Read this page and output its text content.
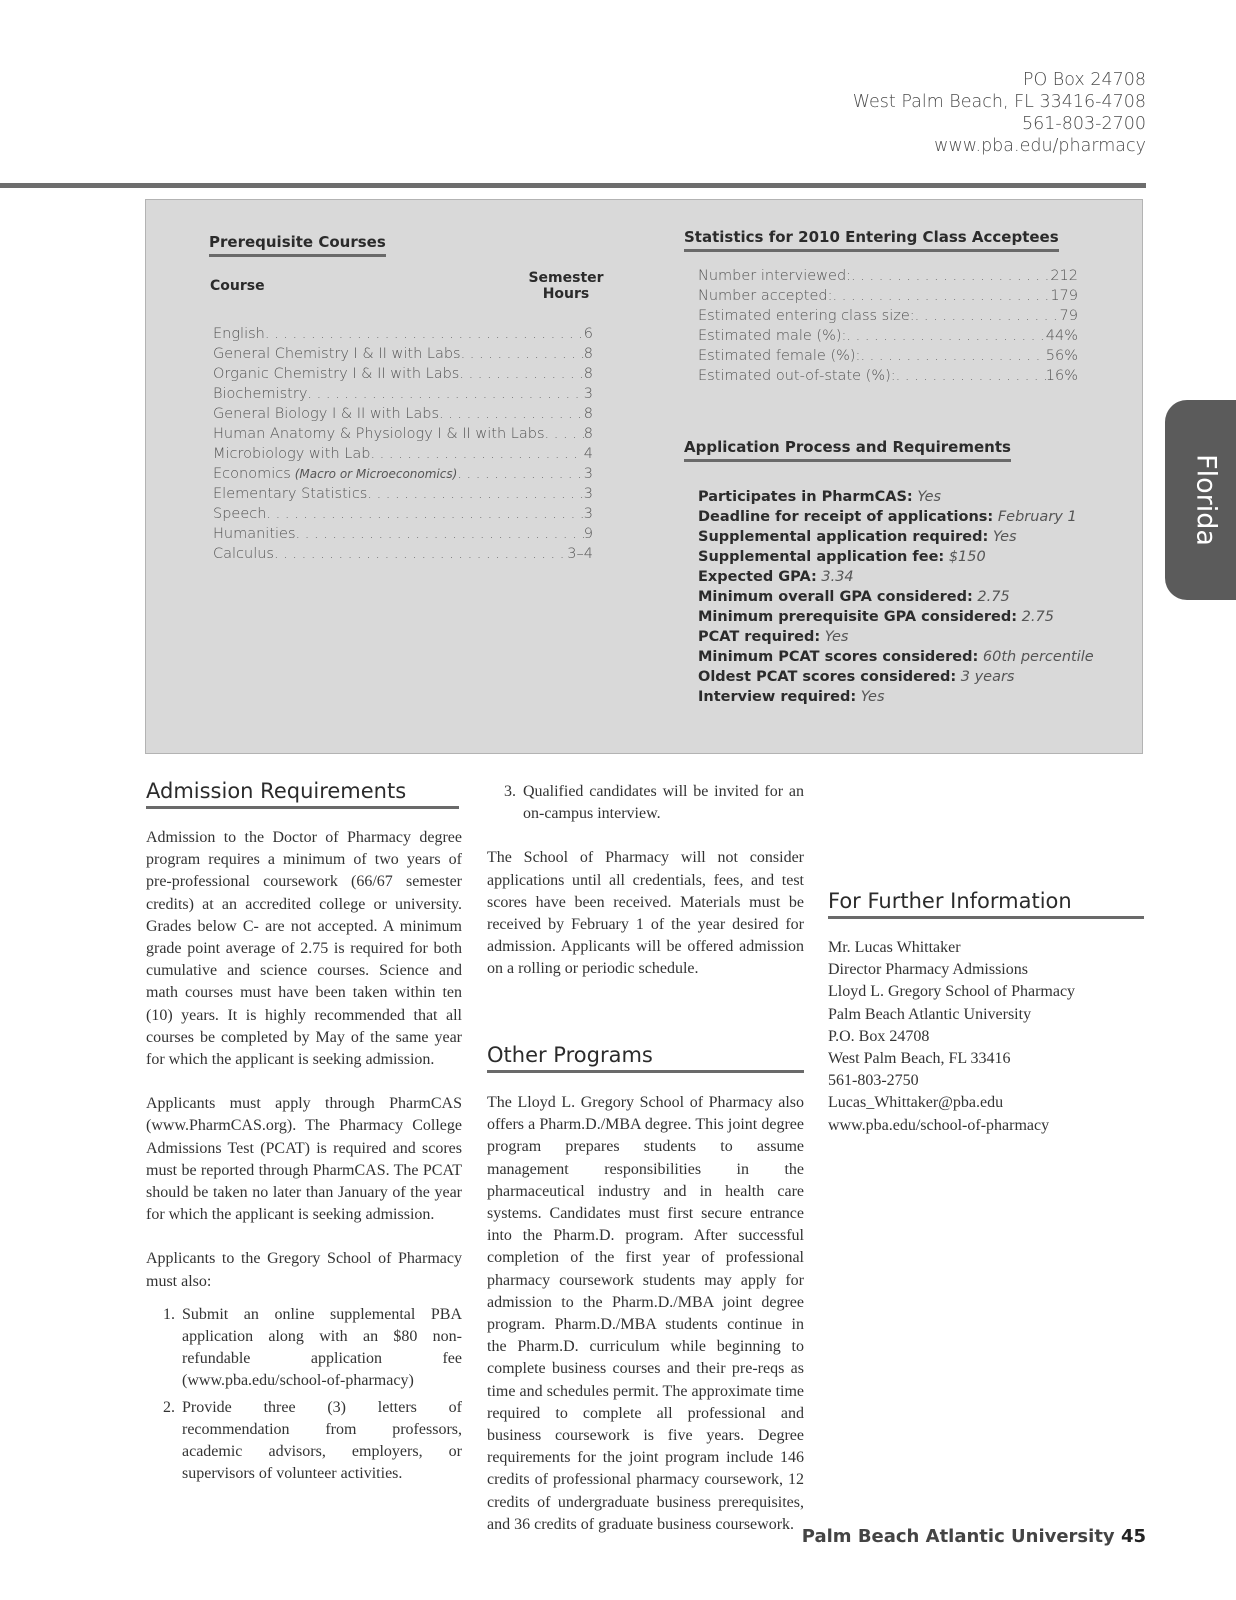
PO Box 24708
West Palm Beach, FL 33416-4708
561-803-2700
www.pba.edu/pharmacy
Prerequisite Courses
Course	Semester
Hours
English . . .	6
General Chemistry I & II with Labs . . .	8
Organic Chemistry I & II with Labs . . .	8
Biochemistry . . .	3
General Biology I & II with Labs . . .	8
Human Anatomy & Physiology I & II with Labs . . .	8
Microbiology with Lab . . .	4
Economics (Macro or Microeconomics) . . .	3
Elementary Statistics . . .	3
Speech . . .	3
Humanities . . .	9
Calculus . . .	3–4
Statistics for 2010 Entering Class Acceptees
Number interviewed: . . .	212
Number accepted: . . .	179
Estimated entering class size: . . .	79
Estimated male (%): . . .	44%
Estimated female (%): . . .	56%
Estimated out-of-state (%): . . .	16%
Application Process and Requirements
Participates in PharmCAS: Yes
Deadline for receipt of applications: February 1
Supplemental application required: Yes
Supplemental application fee: $150
Expected GPA: 3.34
Minimum overall GPA considered: 2.75
Minimum prerequisite GPA considered: 2.75
PCAT required: Yes
Minimum PCAT scores considered: 60th percentile
Oldest PCAT scores considered: 3 years
Interview required: Yes
Admission Requirements

Admission to the Doctor of Pharmacy degree program requires a minimum of two years of pre-professional coursework (66/67 semester credits) at an accredited college or university. Grades below C- are not accepted. A minimum grade point average of 2.75 is required for both cumulative and science courses. Science and math courses must have been taken within ten (10) years. It is highly recommended that all courses be completed by May of the same year for which the applicant is seeking admission.

Applicants must apply through PharmCAS (www.PharmCAS.org). The Pharmacy College Admissions Test (PCAT) is required and scores must be reported through PharmCAS. The PCAT should be taken no later than January of the year for which the applicant is seeking admission.

Applicants to the Gregory School of Pharmacy must also:

1. Submit an online supplemental PBA application along with an $80 non-refundable application fee (www.pba.edu/school-of-pharmacy)
2. Provide three (3) letters of recommendation from professors, academic advisors, employers, or supervisors of volunteer activities.
3. Qualified candidates will be invited for an on-campus interview.

The School of Pharmacy will not consider applications until all credentials, fees, and test scores have been received. Materials must be received by February 1 of the year desired for admission. Applicants will be offered admission on a rolling or periodic schedule.

Other Programs
The Lloyd L. Gregory School of Pharmacy also offers a Pharm.D./MBA degree. This joint degree program prepares students to assume management responsibilities in the pharmaceutical industry and in health care systems. Candidates must first secure entrance into the Pharm.D. program. After successful completion of the first year of professional pharmacy coursework students may apply for admission to the Pharm.D./MBA joint degree program. Pharm.D./MBA students continue in the Pharm.D. curriculum while beginning to complete business courses and their pre-reqs as time and schedules permit. The approximate time required to complete all professional and business coursework is five years. Degree requirements for the joint program include 146 credits of professional pharmacy coursework, 12 credits of undergraduate business prerequisites, and 36 credits of graduate business coursework.
For Further Information
Mr. Lucas Whittaker
Director Pharmacy Admissions
Lloyd L. Gregory School of Pharmacy
Palm Beach Atlantic University
P.O. Box 24708
West Palm Beach, FL 33416
561-803-2750
Lucas_Whittaker@pba.edu
www.pba.edu/school-of-pharmacy
Florida
Palm Beach Atlantic University 45
